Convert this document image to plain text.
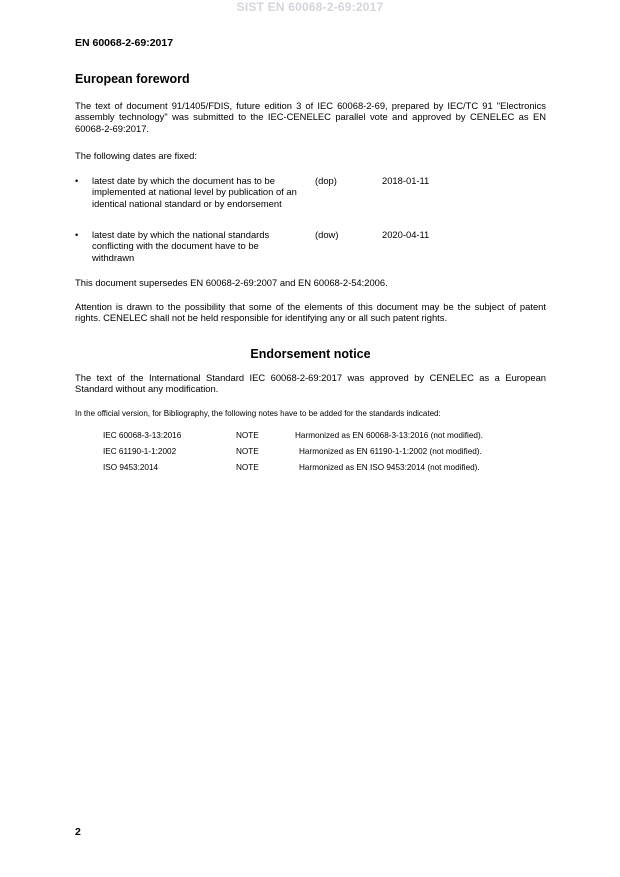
SIST EN 60068-2-69:2017
EN 60068-2-69:2017
European foreword

The text of document 91/1405/FDIS, future edition 3 of IEC 60068-2-69, prepared by IEC/TC 91 "Electronics assembly technology" was submitted to the IEC-CENELEC parallel vote and approved by CENELEC as EN 60068-2-69:2017.

The following dates are fixed:

• latest date by which the document has to be implemented at national level by publication of an identical national standard or by endorsement
(dop)	2018-01-11
• latest date by which the national standards conflicting with the document have to be withdrawn
(dow)	2020-04-11

This document supersedes EN 60068-2-69:2007 and EN 60068-2-54:2006.

Attention is drawn to the possibility that some of the elements of this document may be the subject of patent rights. CENELEC shall not be held responsible for identifying any or all such patent rights.

Endorsement notice

The text of the International Standard IEC 60068-2-69:2017 was approved by CENELEC as a European Standard without any modification.

In the official version, for Bibliography, the following notes have to be added for the standards indicated:

IEC 60068-3-13:2016	NOTE	Harmonized as EN 60068-3-13:2016 (not modified).
IEC 61190-1-1:2002	NOTE	Harmonized as EN 61190-1-1:2002 (not modified).
ISO 9453:2014	NOTE	Harmonized as EN ISO 9453:2014 (not modified).
2
